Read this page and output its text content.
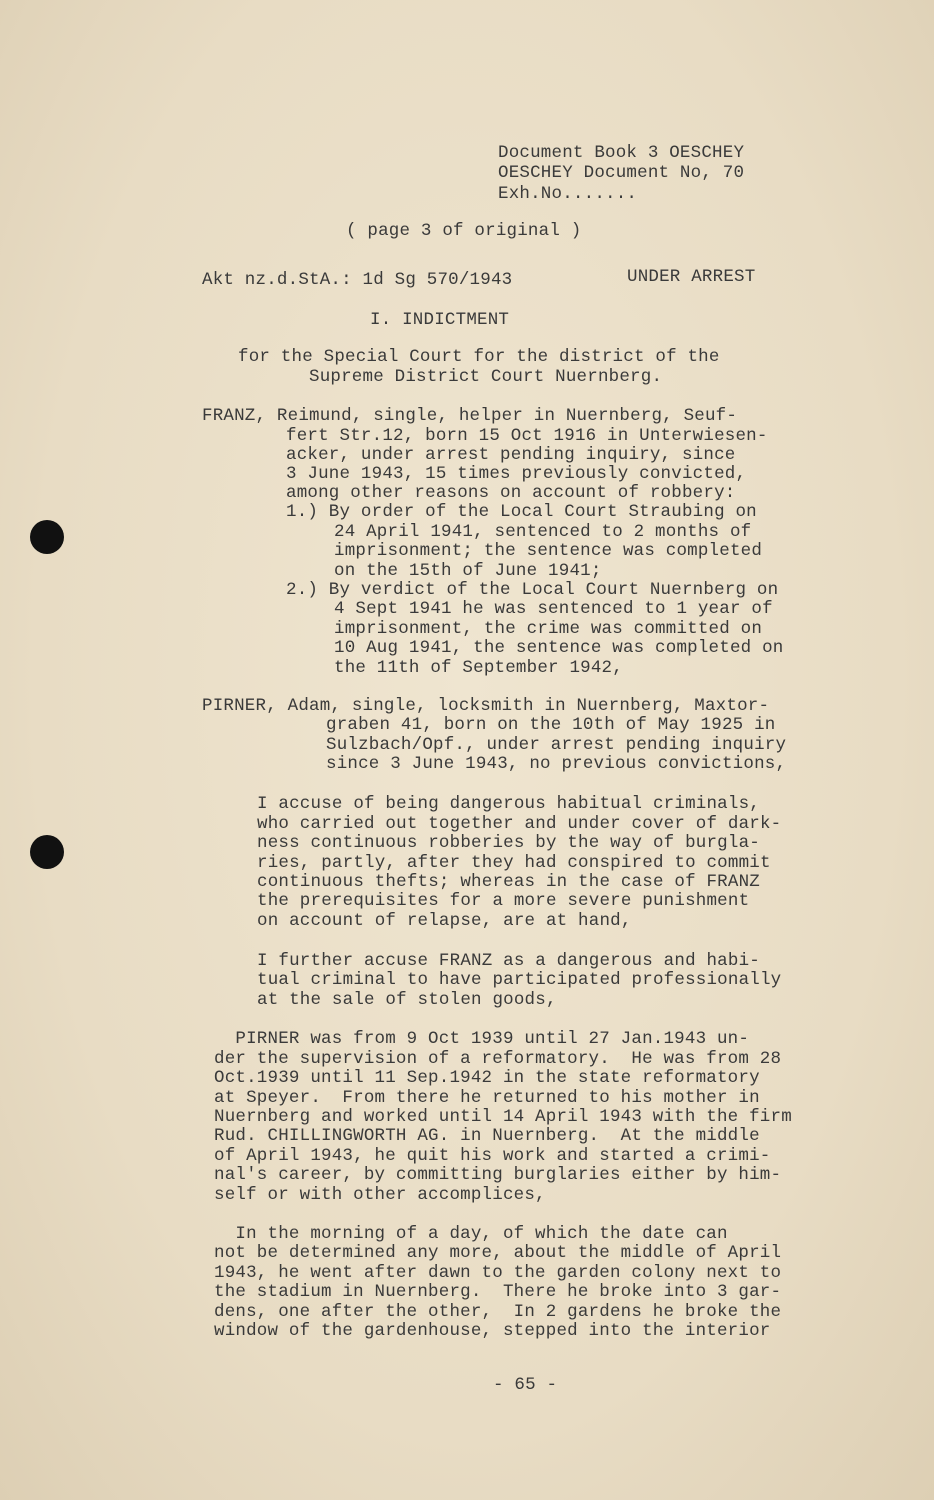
Document Book 3 OESCHEY
OESCHEY Document No, 70
Exh.No.......
( page 3 of original )
Akt nz.d.StA.: 1d Sg 570/1943	UNDER ARREST
I. INDICTMENT
for the Special Court for the district of the
Supreme District Court Nuernberg.
FRANZ, Reimund, single, helper in Nuernberg, Seuf-
fert Str.12, born 15 Oct 1916 in Unterwiesen-
acker, under arrest pending inquiry, since
3 June 1943, 15 times previously convicted,
among other reasons on account of robbery:
1.) By order of the Local Court Straubing on
24 April 1941, sentenced to 2 months of
imprisonment; the sentence was completed
on the 15th of June 1941;
2.) By verdict of the Local Court Nuernberg on
4 Sept 1941 he was sentenced to 1 year of
imprisonment, the crime was committed on
10 Aug 1941, the sentence was completed on
the 11th of September 1942,
PIRNER, Adam, single, locksmith in Nuernberg, Maxtor-
graben 41, born on the 10th of May 1925 in
Sulzbach/Opf., under arrest pending inquiry
since 3 June 1943, no previous convictions,
I accuse of being dangerous habitual criminals,
who carried out together and under cover of dark-
ness continuous robberies by the way of burgla-
ries, partly, after they had conspired to commit
continuous thefts; whereas in the case of FRANZ
the prerequisites for a more severe punishment
on account of relapse, are at hand,
I further accuse FRANZ as a dangerous and habi-
tual criminal to have participated professionally
at the sale of stolen goods,
PIRNER was from 9 Oct 1939 until 27 Jan.1943 un-
der the supervision of a reformatory.  He was from 28
Oct.1939 until 11 Sep.1942 in the state reformatory
at Speyer.  From there he returned to his mother in
Nuernberg and worked until 14 April 1943 with the firm
Rud. CHILLINGWORTH AG. in Nuernberg.  At the middle
of April 1943, he quit his work and started a crimi-
nal's career, by committing burglaries either by him-
self or with other accomplices,
In the morning of a day, of which the date can
not be determined any more, about the middle of April
1943, he went after dawn to the garden colony next to
the stadium in Nuernberg.  There he broke into 3 gar-
dens, one after the other,  In 2 gardens he broke the
window of the gardenhouse, stepped into the interior
- 65 -
